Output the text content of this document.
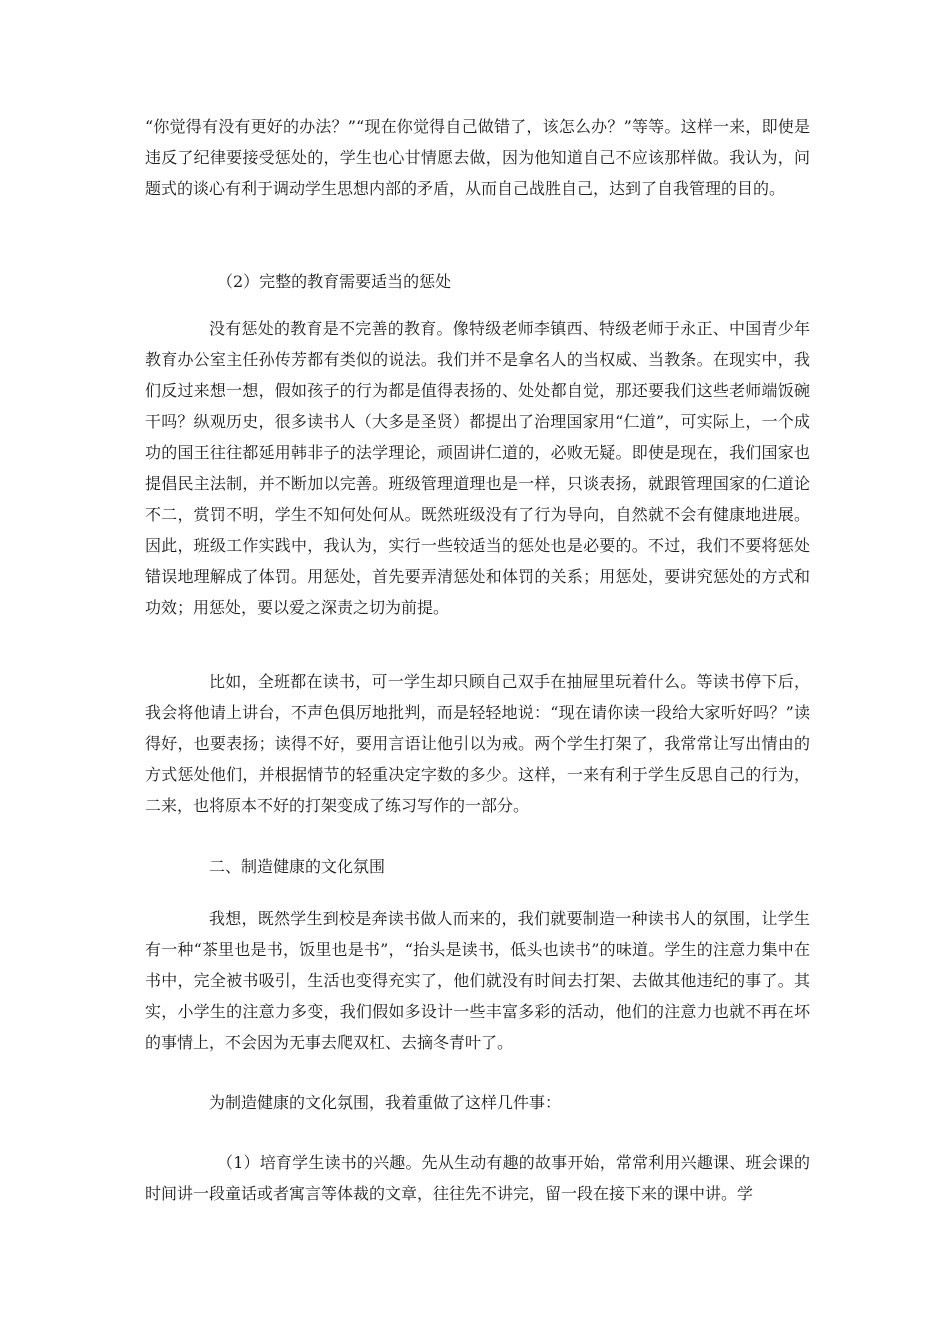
“你觉得有没有更好的办法？”“现在你觉得自己做错了，该怎么办？”等等。这样一来，即使是违反了纪律要接受惩处的，学生也心甘情愿去做，因为他知道自己不应该那样做。我认为，问题式的谈心有利于调动学生思想内部的矛盾，从而自己战胜自己，达到了自我管理的目的。

（2）完整的教育需要适当的惩处

没有惩处的教育是不完善的教育。像特级老师李镇西、特级老师于永正、中国青少年教育办公室主任孙传芳都有类似的说法。我们并不是拿名人的当权威、当教条。在现实中，我们反过来想一想，假如孩子的行为都是值得表扬的、处处都自觉，那还要我们这些老师端饭碗干吗？纵观历史，很多读书人（大多是圣贤）都提出了治理国家用“仁道”，可实际上，一个成功的国王往往都延用韩非子的法学理论，顽固讲仁道的，必败无疑。即使是现在，我们国家也提倡民主法制，并不断加以完善。班级管理道理也是一样，只谈表扬，就跟管理国家的仁道论不二，赏罚不明，学生不知何处何从。既然班级没有了行为导向，自然就不会有健康地进展。因此，班级工作实践中，我认为，实行一些较适当的惩处也是必要的。不过，我们不要将惩处错误地理解成了体罚。用惩处，首先要弄清惩处和体罚的关系；用惩处，要讲究惩处的方式和功效；用惩处，要以爱之深责之切为前提。

比如，全班都在读书，可一学生却只顾自己双手在抽屉里玩着什么。等读书停下后，我会将他请上讲台，不声色俱厉地批判，而是轻轻地说：“现在请你读一段给大家听好吗？”读得好，也要表扬；读得不好，要用言语让他引以为戒。两个学生打架了，我常常让写出情由的方式惩处他们，并根据情节的轻重决定字数的多少。这样，一来有利于学生反思自己的行为，二来，也将原本不好的打架变成了练习写作的一部分。

二、制造健康的文化氛围

我想，既然学生到校是奔读书做人而来的，我们就要制造一种读书人的氛围，让学生有一种“茶里也是书，饭里也是书”，“抬头是读书，低头也读书”的味道。学生的注意力集中在书中，完全被书吸引，生活也变得充实了，他们就没有时间去打架、去做其他违纪的事了。其实，小学生的注意力多变，我们假如多设计一些丰富多彩的活动，他们的注意力也就不再在坏的事情上，不会因为无事去爬双杠、去摘冬青叶了。

为制造健康的文化氛围，我着重做了这样几件事：

（1）培育学生读书的兴趣。先从生动有趣的故事开始，常常利用兴趣课、班会课的时间讲一段童话或者寓言等体裁的文章，往往先不讲完，留一段在接下来的课中讲。学
